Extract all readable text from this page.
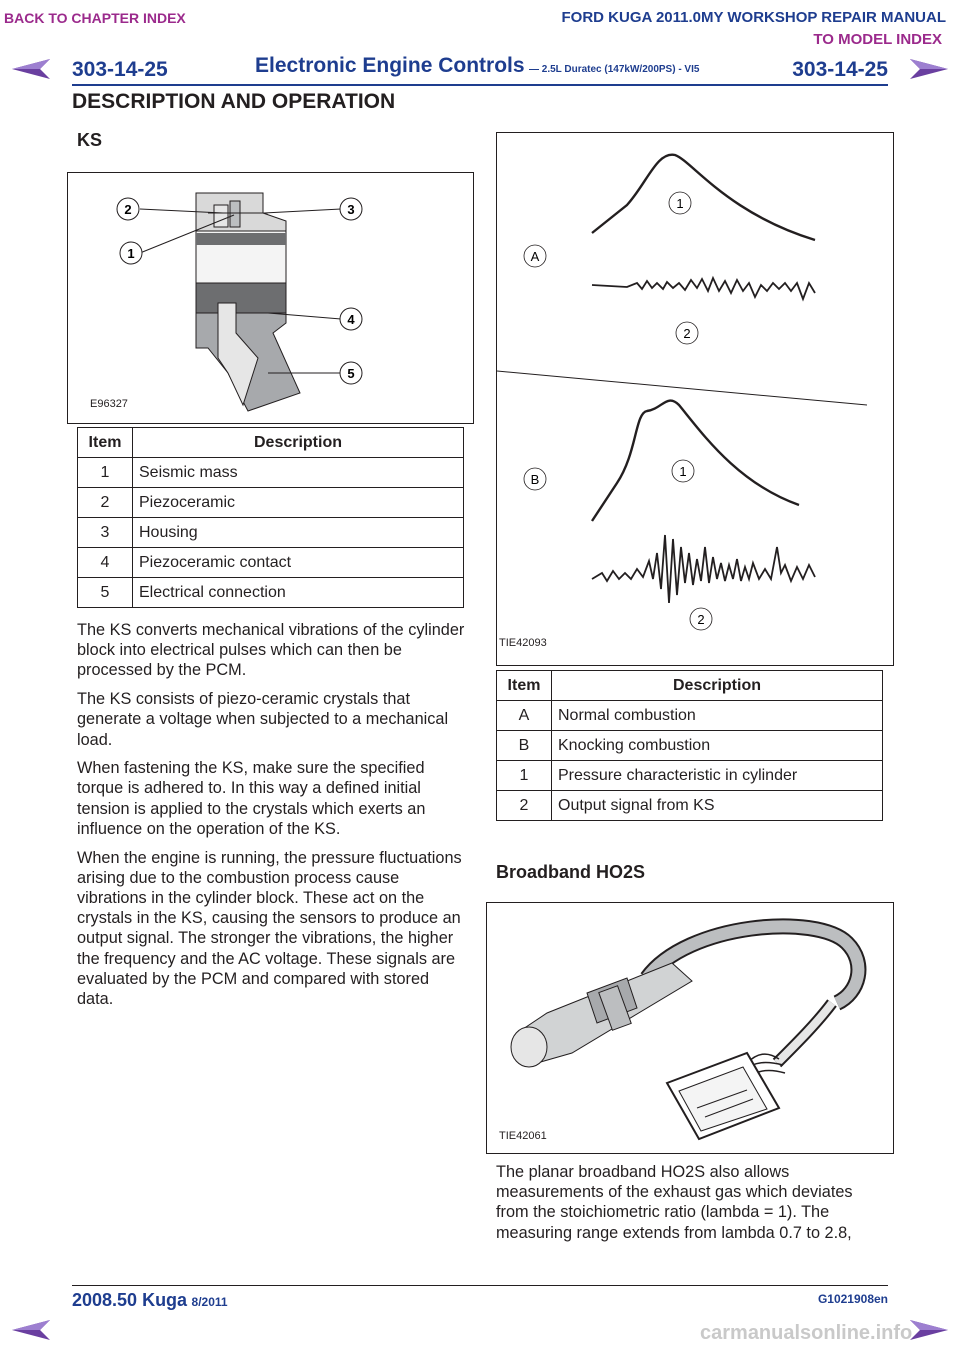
BACK TO CHAPTER INDEX	FORD KUGA 2011.0MY WORKSHOP REPAIR MANUAL
TO MODEL INDEX
303-14-25	Electronic Engine Controls — 2.5L Duratec (147kW/200PS) - VI5	303-14-25
DESCRIPTION AND OPERATION
KS
2
1
3
4
5
E96327
Item	Description
1	Seismic mass
2	Piezoceramic
3	Housing
4	Piezoceramic contact
5	Electrical connection

The KS converts mechanical vibrations of the cylinder block into electrical pulses which can then be processed by the PCM.

The KS consists of piezo-ceramic crystals that generate a voltage when subjected to a mechanical load.

When fastening the KS, make sure the specified torque is adhered to. In this way a defined initial tension is applied to the crystals which exerts an influence on the operation of the KS.

When the engine is running, the pressure fluctuations arising due to the combustion process cause vibrations in the cylinder block. These act on the crystals in the KS, causing the sensors to produce an output signal. The stronger the vibrations, the higher the frequency and the AC voltage. These signals are evaluated by the PCM and compared with stored data.

A
1
2
B
1
2
TIE42093
Item	Description
A	Normal combustion
B	Knocking combustion
1	Pressure characteristic in cylinder
2	Output signal from KS
Broadband HO2S
TIE42061

The planar broadband HO2S also allows measurements of the exhaust gas which deviates from the stoichiometric ratio (lambda = 1). The measuring range extends from lambda 0.7 to 2.8,

2008.50 Kuga 8/2011	G1021908en
carmanualsonline.info
